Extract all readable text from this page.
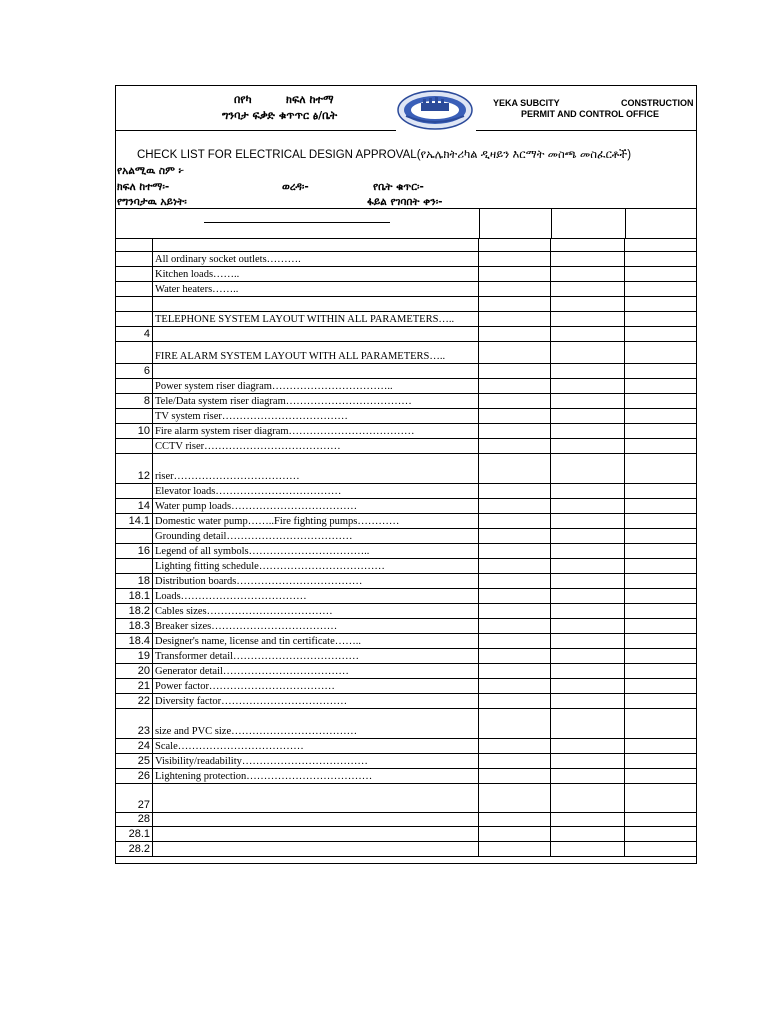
በየካ	ክፍለ ከተማ
ግንባታ ፍቃድ ቁጥጥር ፅ/ቤት
YEKA SUBCITY	CONSTRUCTION
PERMIT AND CONTROL OFFICE
CHECK LIST FOR ELECTRICAL DESIGN APPROVAL(የኤሌክትሪካል ዲዛይን እርማት መስጫ መስፈርቶች)
የአልሚዉ ስም ፦
ክፍለ ከተማ፡-	ወረዳ፡-	የቤት ቁጥር፡-
የግንባታዉ አይነት፡	ፋይል የገባበት ቀን፡-
All ordinary socket outlets……….
Kitchen loads……..
Water heaters……..
TELEPHONE SYSTEM LAYOUT WITHIN ALL PARAMETERS…..
4
FIRE ALARM SYSTEM LAYOUT WITH ALL PARAMETERS…..
6
Power system riser diagram……………………………..
8 Tele/Data system riser diagram………………………………
TV system riser………………………………
10 Fire alarm system riser diagram………………………………
CCTV riser…………………………………
12 riser………………………………
Elevator loads………………………………
14 Water pump loads………………………………
14.1 Domestic water pump……..Fire fighting pumps…………
Grounding detail………………………………
16 Legend of all symbols……………………………..
Lighting fitting schedule………………………………
18 Distribution boards………………………………
18.1 Loads………………………………
18.2 Cables sizes………………………………
18.3 Breaker sizes………………………………
18.4 Designer's name, license and tin certificate……..
19 Transformer detail………………………………
20 Generator detail………………………………
21 Power factor………………………………
22 Diversity factor………………………………
23 size and PVC size………………………………
24 Scale………………………………
25 Visibility/readability………………………………
26 Lightening protection………………………………
27
28
28.1
28.2
